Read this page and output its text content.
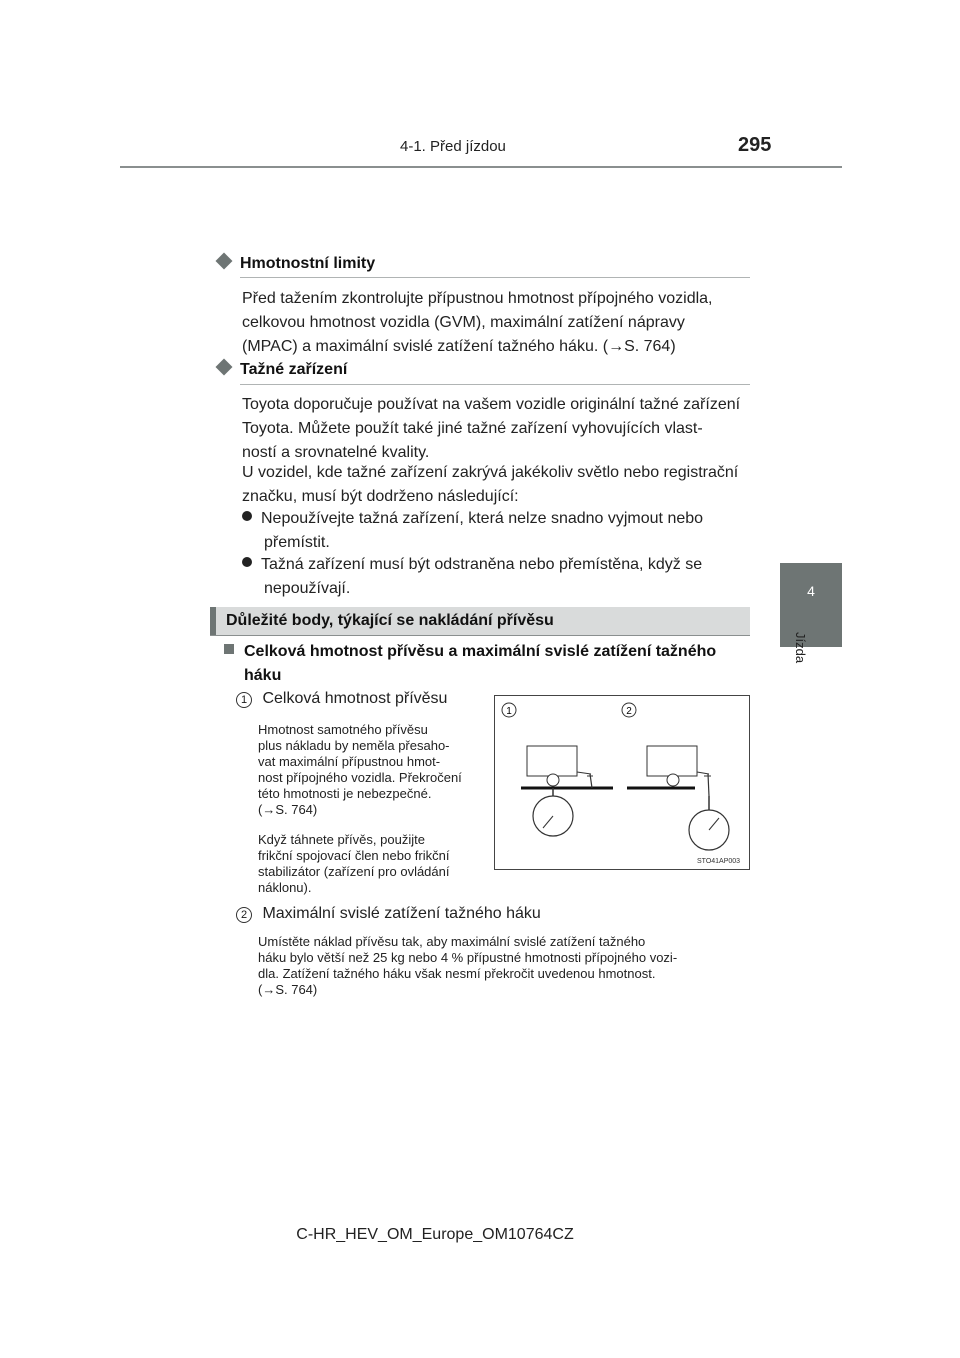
4-1. Před jízdou	295
4
Jízda
Hmotnostní limity
Před tažením zkontrolujte přípustnou hmotnost přípojného vozidla,
celkovou hmotnost vozidla (GVM), maximální zatížení nápravy
(MPAC) a maximální svislé zatížení tažného háku. (→S. 764)
Tažné zařízení
Toyota doporučuje používat na vašem vozidle originální tažné zařízení
Toyota. Můžete použít také jiné tažné zařízení vyhovujících vlast-
ností a srovnatelné kvality.
U vozidel, kde tažné zařízení zakrývá jakékoliv světlo nebo registrační
značku, musí být dodrženo následující:
Nepoužívejte tažná zařízení, která nelze snadno vyjmout nebo
přemístit.
Tažná zařízení musí být odstraněna nebo přemístěna, když se
nepoužívají.
Důležité body, týkající se nakládání přívěsu
Celková hmotnost přívěsu a maximální svislé zatížení tažného
háku
1 Celková hmotnost přívěsu
Hmotnost samotného přívěsu
plus nákladu by neměla přesaho-
vat maximální přípustnou hmot-
nost přípojného vozidla. Překročení
této hmotnosti je nebezpečné.
(→S. 764)
Když táhnete přívěs, použijte
frikční spojovací člen nebo frikční
stabilizátor (zařízení pro ovládání
náklonu).
1	2
STO41AP003
2 Maximální svislé zatížení tažného háku
Umístěte náklad přívěsu tak, aby maximální svislé zatížení tažného
háku bylo větší než 25 kg nebo 4 % přípustné hmotnosti přípojného vozi-
dla. Zatížení tažného háku však nesmí překročit uvedenou hmotnost.
(→S. 764)
C-HR_HEV_OM_Europe_OM10764CZ
